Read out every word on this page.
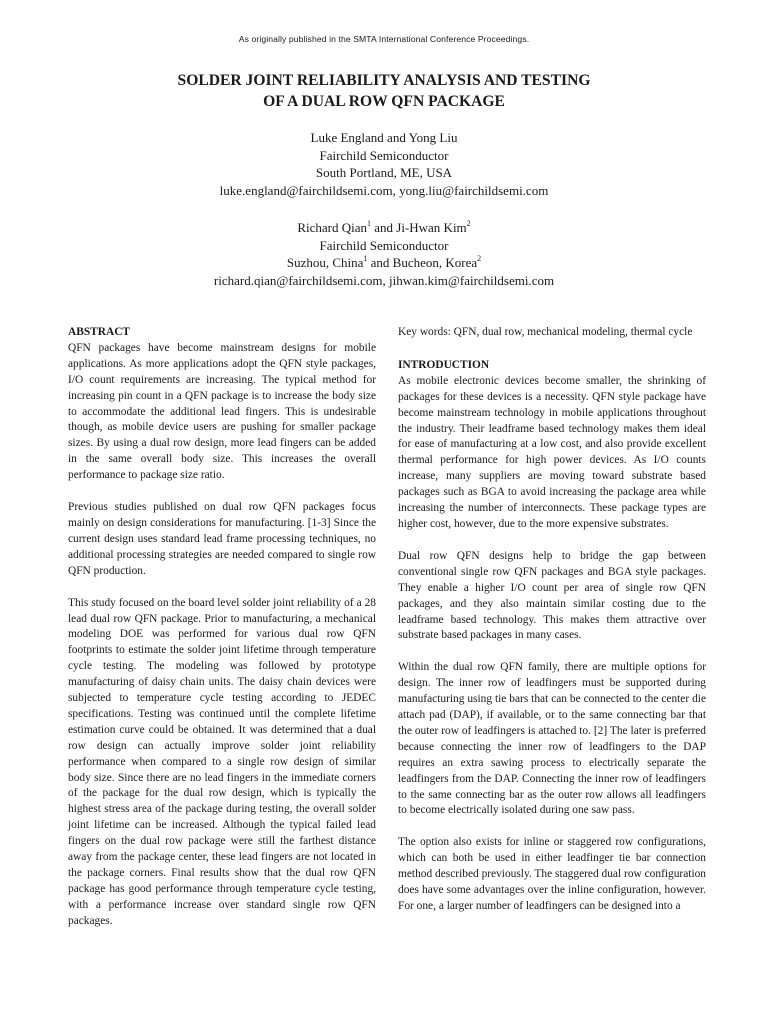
As originally published in the SMTA International Conference Proceedings.
SOLDER JOINT RELIABILITY ANALYSIS AND TESTING
OF A DUAL ROW QFN PACKAGE
Luke England and Yong Liu
Fairchild Semiconductor
South Portland, ME, USA
luke.england@fairchildsemi.com, yong.liu@fairchildsemi.com
Richard Qian$^1$ and Ji-Hwan Kim$^2$
Fairchild Semiconductor
Suzhou, China$^1$ and Bucheon, Korea$^2$
richard.qian@fairchildsemi.com, jihwan.kim@fairchildsemi.com
ABSTRACT

QFN packages have become mainstream designs for mobile applications. As more applications adopt the QFN style packages, I/O count requirements are increasing. The typical method for increasing pin count in a QFN package is to increase the body size to accommodate the additional lead fingers. This is undesirable though, as mobile device users are pushing for smaller package sizes. By using a dual row design, more lead fingers can be added in the same overall body size. This increases the overall performance to package size ratio.

Previous studies published on dual row QFN packages focus mainly on design considerations for manufacturing. [1-3] Since the current design uses standard lead frame processing techniques, no additional processing strategies are needed compared to single row QFN production.

This study focused on the board level solder joint reliability of a 28 lead dual row QFN package. Prior to manufacturing, a mechanical modeling DOE was performed for various dual row QFN footprints to estimate the solder joint lifetime through temperature cycle testing. The modeling was followed by prototype manufacturing of daisy chain units. The daisy chain devices were subjected to temperature cycle testing according to JEDEC specifications. Testing was continued until the complete lifetime estimation curve could be obtained. It was determined that a dual row design can actually improve solder joint reliability performance when compared to a single row design of similar body size. Since there are no lead fingers in the immediate corners of the package for the dual row design, which is typically the highest stress area of the package during testing, the overall solder joint lifetime can be increased. Although the typical failed lead fingers on the dual row package were still the farthest distance away from the package center, these lead fingers are not located in the package corners. Final results show that the dual row QFN package has good performance through temperature cycle testing, with a performance increase over standard single row QFN packages.

Key words: QFN, dual row, mechanical modeling, thermal cycle

INTRODUCTION

As mobile electronic devices become smaller, the shrinking of packages for these devices is a necessity. QFN style package have become mainstream technology in mobile applications throughout the industry. Their leadframe based technology makes them ideal for ease of manufacturing at a low cost, and also provide excellent thermal performance for high power devices. As I/O counts increase, many suppliers are moving toward substrate based packages such as BGA to avoid increasing the package area while increasing the number of interconnects. These package types are higher cost, however, due to the more expensive substrates.

Dual row QFN designs help to bridge the gap between conventional single row QFN packages and BGA style packages. They enable a higher I/O count per area of single row QFN packages, and they also maintain similar costing due to the leadframe based technology. This makes them attractive over substrate based packages in many cases.

Within the dual row QFN family, there are multiple options for design. The inner row of leadfingers must be supported during manufacturing using tie bars that can be connected to the center die attach pad (DAP), if available, or to the same connecting bar that the outer row of leadfingers is attached to. [2] The later is preferred because connecting the inner row of leadfingers to the DAP requires an extra sawing process to electrically separate the leadfingers from the DAP. Connecting the inner row of leadfingers to the same connecting bar as the outer row allows all leadfingers to become electrically isolated during one saw pass.

The option also exists for inline or staggered row configurations, which can both be used in either leadfinger tie bar connection method described previously. The staggered dual row configuration does have some advantages over the inline configuration, however. For one, a larger number of leadfingers can be designed into a
